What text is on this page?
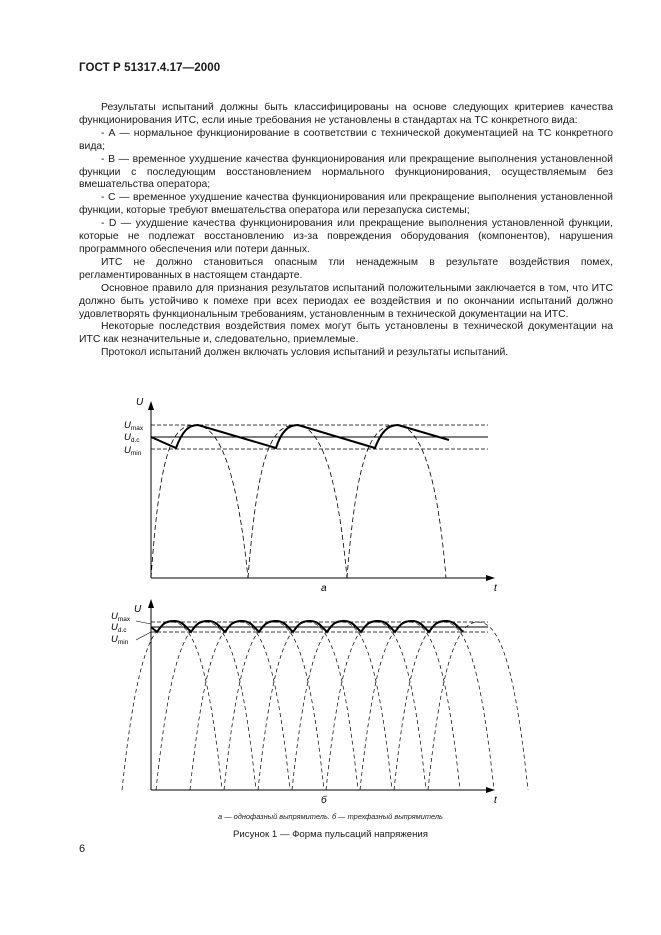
ГОСТ Р 51317.4.17—2000

Результаты испытаний должны быть классифицированы на основе следующих критериев качества функционирования ИТС, если иные требования не установлены в стандартах на ТС конкретного вида:

- А — нормальное функционирование в соответствии с технической документацией на ТС конкретного вида;

- В — временное ухудшение качества функционирования или прекращение выполнения установленной функции с последующим восстановлением нормального функционирования, осуществляемым без вмешательства оператора;

- С — временное ухудшение качества функционирования или прекращение выполнения установленной функции, которые требуют вмешательства оператора или перезапуска системы;

- D — ухудшение качества функционирования или прекращение выполнения установленной функции, которые не подлежат восстановлению из-за повреждения оборудования (компонентов), нарушения программного обеспечения или потери данных.

ИТС не должно становиться опасным тли ненадежным в результате воздействия помех, регламентированных в настоящем стандарте.

Основное правило для признания результатов испытаний положительными заключается в том, что ИТС должно быть устойчиво к помехе при всех периодах ее воздействия и по окончании испытаний должно удовлетворять функциональным требованиям, установленным в технической документации на ИТС.

Некоторые последствия воздействия помех могут быть установлены в технической документации на ИТС как незначительные и, следовательно, приемлемые.

Протокол испытаний должен включать условия испытаний и результаты испытаний.

U
t
а
$U_{max}$
$U_{d.c}$
$U_{min}$
U
t
б
$U_{max}$
$U_{d.c}$
$U_{min}$
а — однофазный выпрямитель. б — трехфазный выпрямитель
Рисунок 1 — Форма пульсаций напряжения
6
